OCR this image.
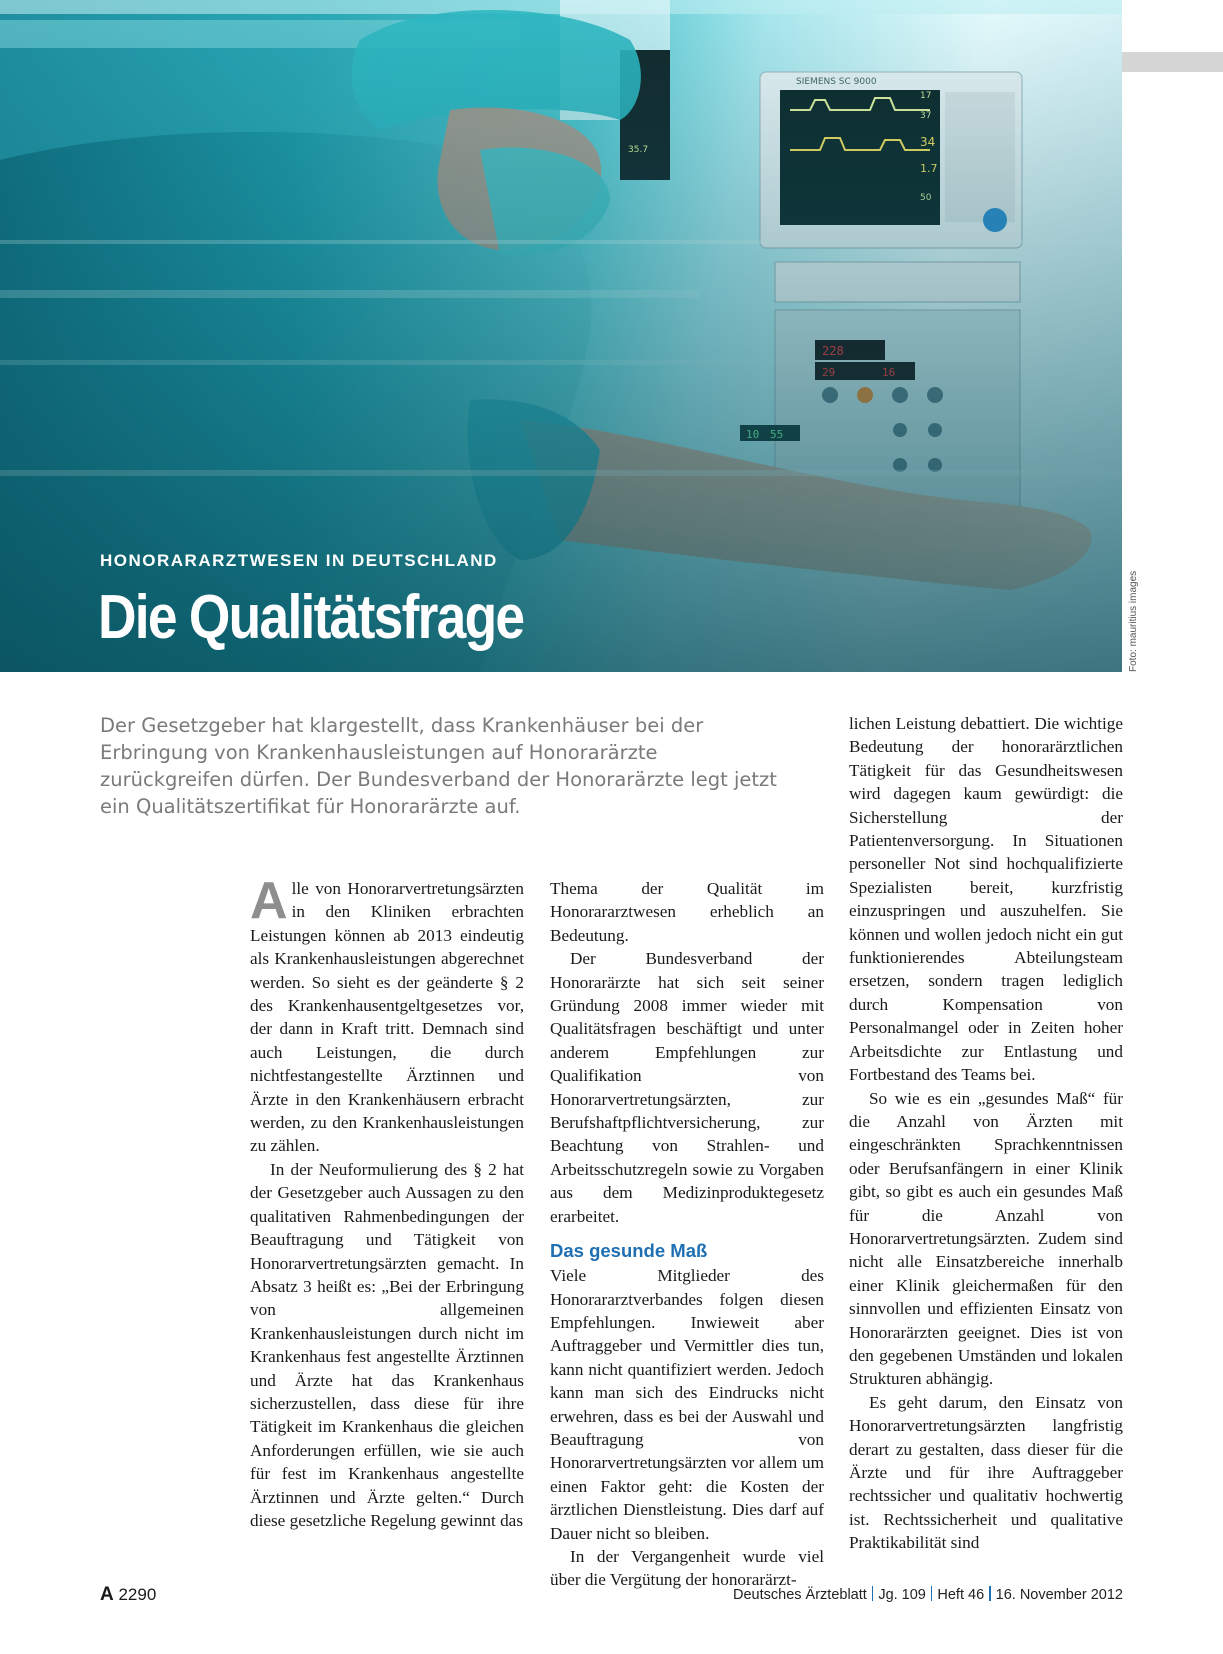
HONORARARZTWESEN IN DEUTSCHLAND
Die Qualitätsfrage	Foto: mauritius images
Der Gesetzgeber hat klargestellt, dass Krankenhäuser bei der Erbringung von Krankenhausleistungen auf Honorarärzte zurückgreifen dürfen. Der Bundesverband der Honorarärzte legt jetzt ein Qualitätszertifikat für Honorarärzte auf.

Alle von Honorarvertretungsärzten in den Kliniken erbrachten Leistungen können ab 2013 eindeutig als Krankenhausleistungen abgerechnet werden. So sieht es der geänderte § 2 des Krankenhausentgeltgesetzes vor, der dann in Kraft tritt. Demnach sind auch Leistungen, die durch nichtfestangestellte Ärztinnen und Ärzte in den Krankenhäusern erbracht werden, zu den Krankenhausleistungen zu zählen.

In der Neuformulierung des § 2 hat der Gesetzgeber auch Aussagen zu den qualitativen Rahmenbedingungen der Beauftragung und Tätigkeit von Honorarvertretungsärzten gemacht. In Absatz 3 heißt es: „Bei der Erbringung von allgemeinen Krankenhausleistungen durch nicht im Krankenhaus fest angestellte Ärztinnen und Ärzte hat das Krankenhaus sicherzustellen, dass diese für ihre Tätigkeit im Krankenhaus die gleichen Anforderungen erfüllen, wie sie auch für fest im Krankenhaus angestellte Ärztinnen und Ärzte gelten.“ Durch diese gesetzliche Regelung gewinnt das

Thema der Qualität im Honorararztwesen erheblich an Bedeutung.

Der Bundesverband der Honorarärzte hat sich seit seiner Gründung 2008 immer wieder mit Qualitätsfragen beschäftigt und unter anderem Empfehlungen zur Qualifikation von Honorarvertretungsärzten, zur Berufshaftpflichtversicherung, zur Beachtung von Strahlen- und Arbeitsschutzregeln sowie zu Vorgaben aus dem Medizinproduktegesetz erarbeitet.

Das gesunde Maß

Viele Mitglieder des Honorararztverbandes folgen diesen Empfehlungen. Inwieweit aber Auftraggeber und Vermittler dies tun, kann nicht quantifiziert werden. Jedoch kann man sich des Eindrucks nicht erwehren, dass es bei der Auswahl und Beauftragung von Honorarvertretungsärzten vor allem um einen Faktor geht: die Kosten der ärztlichen Dienstleistung. Dies darf auf Dauer nicht so bleiben.

In der Vergangenheit wurde viel über die Vergütung der honorarärzt-

lichen Leistung debattiert. Die wichtige Bedeutung der honorarärztlichen Tätigkeit für das Gesundheitswesen wird dagegen kaum gewürdigt: die Sicherstellung der Patientenversorgung. In Situationen personeller Not sind hochqualifizierte Spezialisten bereit, kurzfristig einzuspringen und auszuhelfen. Sie können und wollen jedoch nicht ein gut funktionierendes Abteilungsteam ersetzen, sondern tragen lediglich durch Kompensation von Personalmangel oder in Zeiten hoher Arbeitsdichte zur Entlastung und Fortbestand des Teams bei.

So wie es ein „gesundes Maß“ für die Anzahl von Ärzten mit eingeschränkten Sprachkenntnissen oder Berufsanfängern in einer Klinik gibt, so gibt es auch ein gesundes Maß für die Anzahl von Honorarvertretungsärzten. Zudem sind nicht alle Einsatzbereiche innerhalb einer Klinik gleichermaßen für den sinnvollen und effizienten Einsatz von Honorarärzten geeignet. Dies ist von den gegebenen Umständen und lokalen Strukturen abhängig.

Es geht darum, den Einsatz von Honorarvertretungsärzten langfristig derart zu gestalten, dass dieser für die Ärzte und für ihre Auftraggeber rechtssicher und qualitativ hochwertig ist. Rechtssicherheit und qualitative Praktikabilität sind

A 2290	Deutsches Ärzteblatt Jg. 109 Heft 46 16. November 2012
